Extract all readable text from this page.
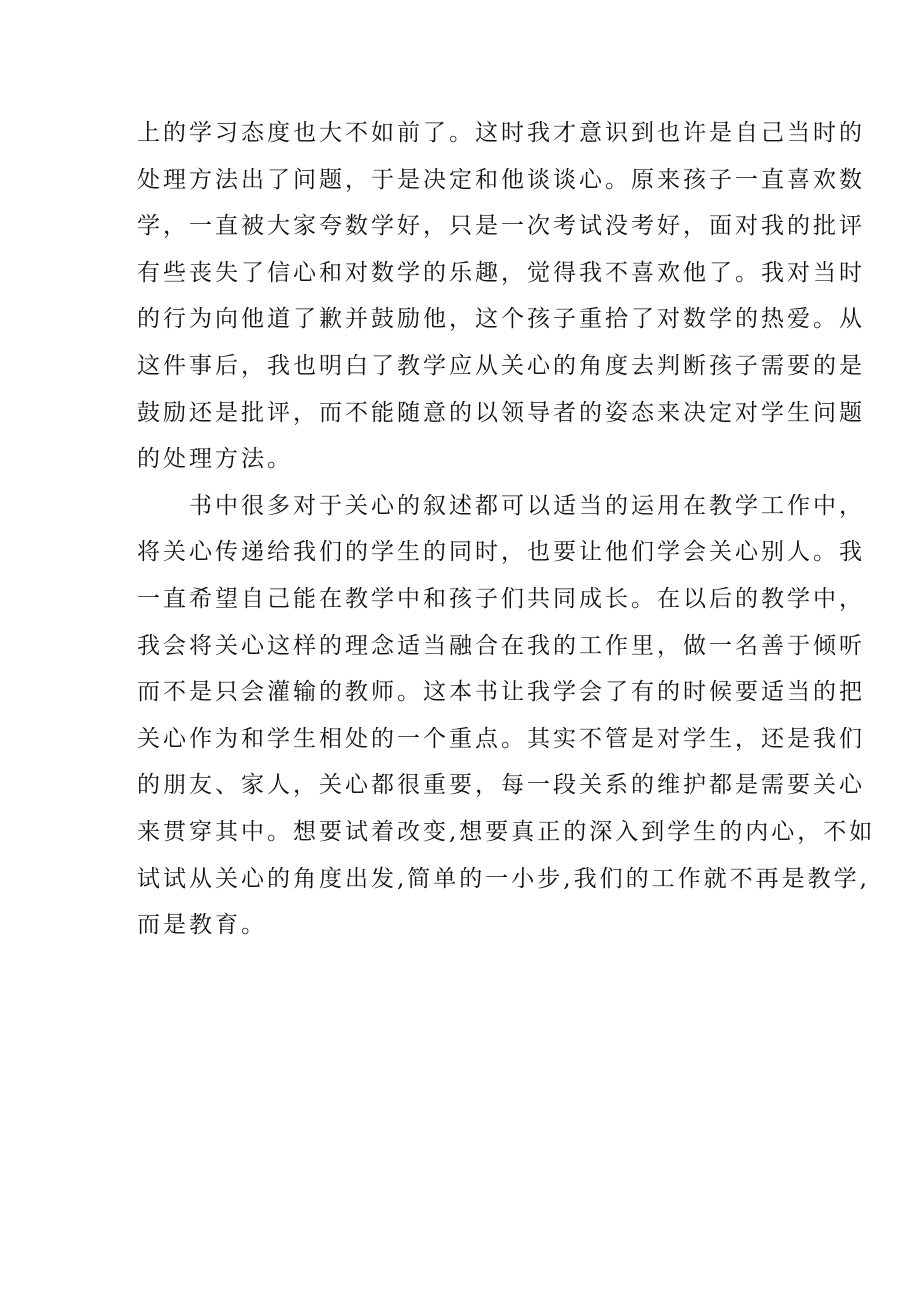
上的学习态度也大不如前了。这时我才意识到也许是自己当时的
处理方法出了问题，于是决定和他谈谈心。原来孩子一直喜欢数
学，一直被大家夸数学好，只是一次考试没考好，面对我的批评
有些丧失了信心和对数学的乐趣，觉得我不喜欢他了。我对当时
的行为向他道了歉并鼓励他，这个孩子重拾了对数学的热爱。从
这件事后，我也明白了教学应从关心的角度去判断孩子需要的是
鼓励还是批评，而不能随意的以领导者的姿态来决定对学生问题
的处理方法。
书中很多对于关心的叙述都可以适当的运用在教学工作中，
将关心传递给我们的学生的同时，也要让他们学会关心别人。我
一直希望自己能在教学中和孩子们共同成长。在以后的教学中，
我会将关心这样的理念适当融合在我的工作里，做一名善于倾听
而不是只会灌输的教师。这本书让我学会了有的时候要适当的把
关心作为和学生相处的一个重点。其实不管是对学生，还是我们
的朋友、家人，关心都很重要，每一段关系的维护都是需要关心
来贯穿其中。想要试着改变,想要真正的深入到学生的内心，不如
试试从关心的角度出发,简单的一小步,我们的工作就不再是教学,
而是教育。
